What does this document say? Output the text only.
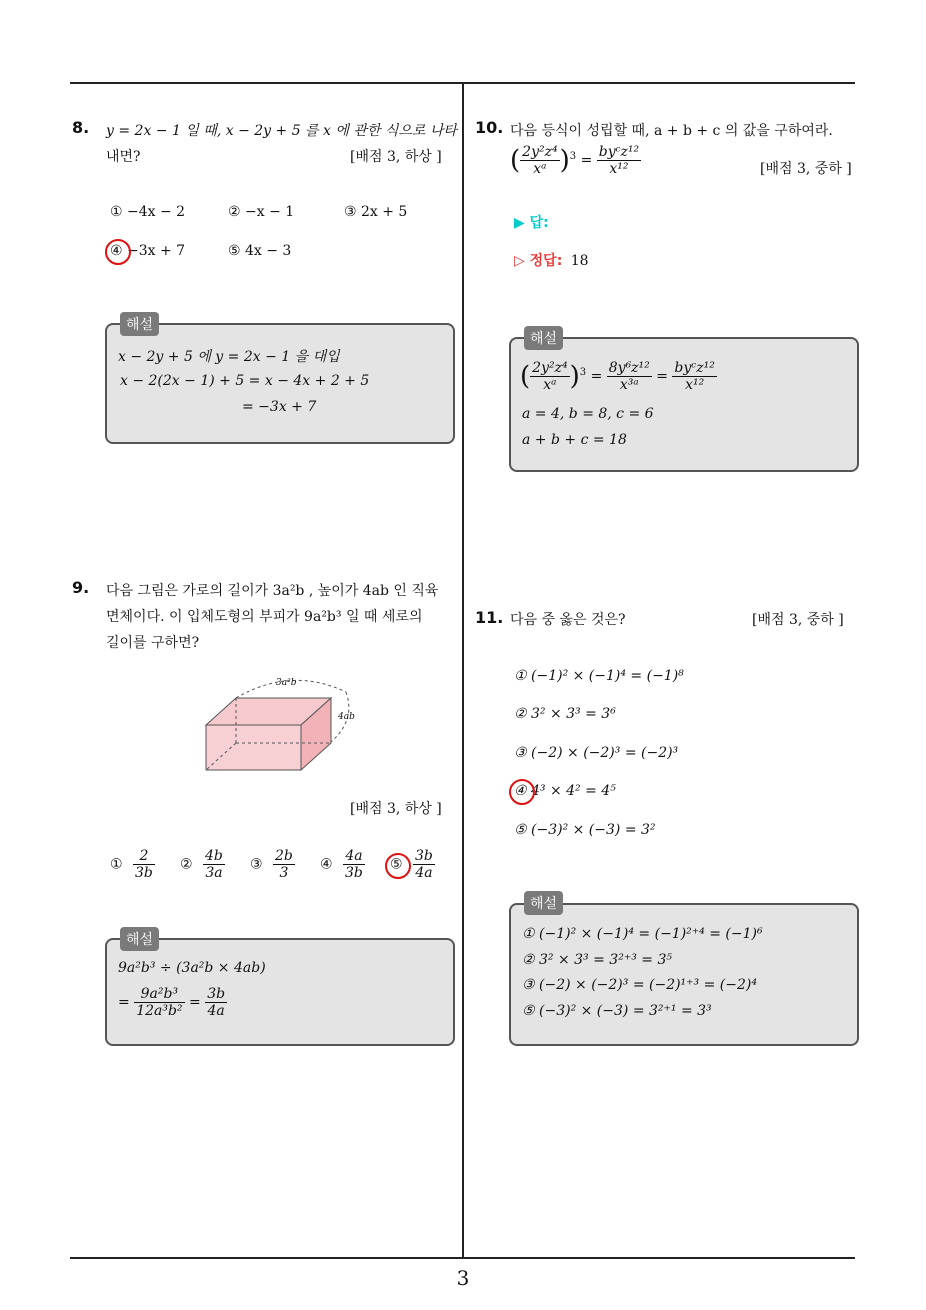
3
8. y = 2x − 1 일 때, x − 2y + 5 를 x 에 관한 식으로 나타
내면?	[배점 3, 하상 ]
① −4x − 2	② −x − 1	③ 2x + 5
④ −3x + 7	⑤ 4x − 3
해설
x − 2y + 5 에 y = 2x − 1 을 대입
x − 2(2x − 1) + 5 = x − 4x + 2 + 5
= −3x + 7
9. 다음 그림은 가로의 길이가 3a²b , 높이가 4ab 인 직육
면체이다. 이 입체도형의 부피가 9a²b³ 일 때 세로의
길이를 구하면?
3a²b
4ab
[배점 3, 하상 ]
① $\frac{2}{3b}$ ② $\frac{4b}{3a}$ ③ $\frac{2b}{3}$ ④ $\frac{4a}{3b}$ ⑤ $\frac{3b}{4a}$
해설
9a²b³ ÷ (3a²b × 4ab)
= $\frac{\text{9a²b³}}{\text{12a³b²}} = \frac{3b}{4a}$
10. 다음 등식이 성립할 때, a + b + c 의 값을 구하여라.
( $\frac{\text{2y²z⁴}}{\text{xᵃ}} )^3 = \frac{\text{byᶜz¹²}}{\text{x¹²}}$	[배점 3, 중하 ]
▶ 답:
▷ 정답: 18
해설
( $\frac{\text{2y²z⁴}}{\text{xᵃ}} )^3 = \frac{\text{8y⁶z¹²}}{\text{x³ᵃ}} = \frac{\text{byᶜz¹²}}{\text{x¹²}}$
a = 4, b = 8, c = 6
a + b + c = 18
11. 다음 중 옳은 것은?	[배점 3, 중하 ]
① (−1)² × (−1)⁴ = (−1)⁸
② 3² × 3³ = 3⁶
③ (−2) × (−2)³ = (−2)³
④ 4³ × 4² = 4⁵
⑤ (−3)² × (−3) = 3²
해설
① (−1)² × (−1)⁴ = (−1)²⁺⁴ = (−1)⁶
② 3² × 3³ = 3²⁺³ = 3⁵
③ (−2) × (−2)³ = (−2)¹⁺³ = (−2)⁴
⑤ (−3)² × (−3) = 3²⁺¹ = 3³
